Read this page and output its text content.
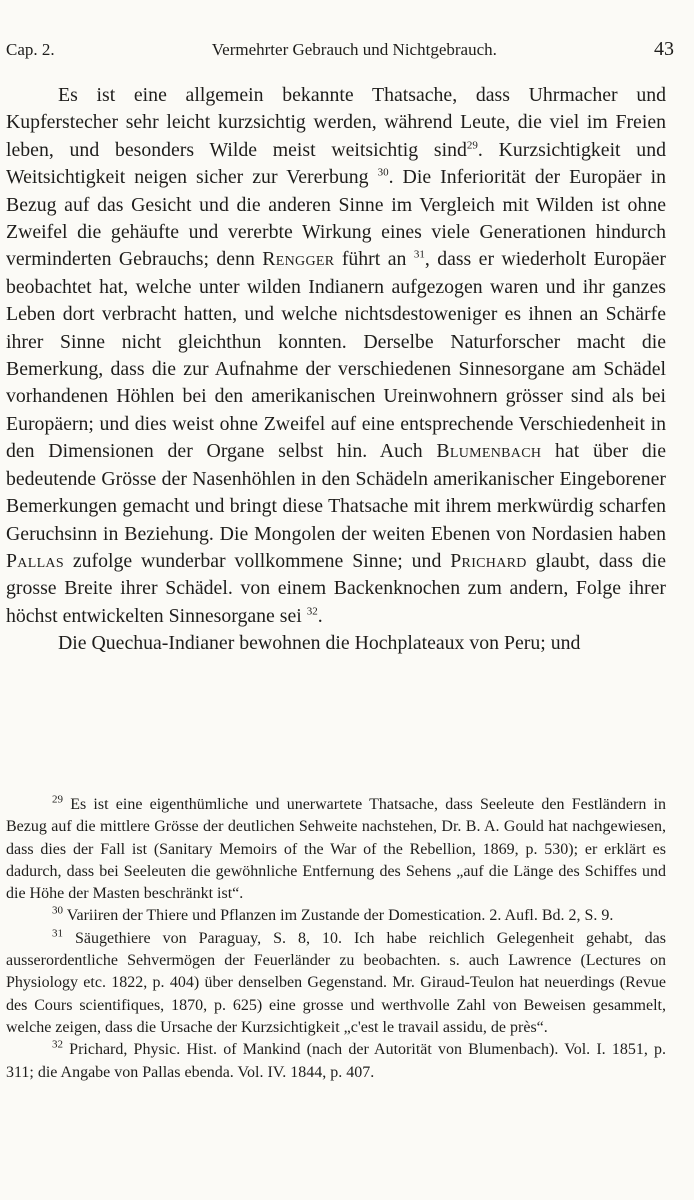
Cap. 2.	Vermehrter Gebrauch und Nichtgebrauch.	43

Es ist eine allgemein bekannte Thatsache, dass Uhrmacher und Kupferstecher sehr leicht kurzsichtig werden, während Leute, die viel im Freien leben, und besonders Wilde meist weitsichtig sind$^{29}$. Kurzsichtigkeit und Weitsichtigkeit neigen sicher zur Vererbung $^{30}$. Die Inferiorität der Europäer in Bezug auf das Gesicht und die anderen Sinne im Vergleich mit Wilden ist ohne Zweifel die gehäufte und vererbte Wirkung eines viele Generationen hindurch verminderten Gebrauchs; denn Rengger führt an $^{31}$, dass er wiederholt Europäer beobachtet hat, welche unter wilden Indianern aufgezogen waren und ihr ganzes Leben dort verbracht hatten, und welche nichtsdestoweniger es ihnen an Schärfe ihrer Sinne nicht gleichthun konnten. Derselbe Naturforscher macht die Bemerkung, dass die zur Aufnahme der verschiedenen Sinnesorgane am Schädel vorhandenen Höhlen bei den amerikanischen Ureinwohnern grösser sind als bei Europäern; und dies weist ohne Zweifel auf eine entsprechende Verschiedenheit in den Dimensionen der Organe selbst hin. Auch Blumenbach hat über die bedeutende Grösse der Nasenhöhlen in den Schädeln amerikanischer Eingeborener Bemerkungen gemacht und bringt diese Thatsache mit ihrem merkwürdig scharfen Geruchsinn in Beziehung. Die Mongolen der weiten Ebenen von Nordasien haben Pallas zufolge wunderbar vollkommene Sinne; und Prichard glaubt, dass die grosse Breite ihrer Schädel. von einem Backenknochen zum andern, Folge ihrer höchst entwickelten Sinnesorgane sei $^{32}$.

Die Quechua-Indianer bewohnen die Hochplateaux von Peru; und

$^{29}$ Es ist eine eigenthümliche und unerwartete Thatsache, dass Seeleute den Festländern in Bezug auf die mittlere Grösse der deutlichen Sehweite nachstehen, Dr. B. A. Gould hat nachgewiesen, dass dies der Fall ist (Sanitary Memoirs of the War of the Rebellion, 1869, p. 530); er erklärt es dadurch, dass bei Seeleuten die gewöhnliche Entfernung des Sehens „auf die Länge des Schiffes und die Höhe der Masten beschränkt ist“.

$^{30}$ Variiren der Thiere und Pflanzen im Zustande der Domestication. 2. Aufl. Bd. 2, S. 9.

$^{31}$ Säugethiere von Paraguay, S. 8, 10. Ich habe reichlich Gelegenheit gehabt, das ausserordentliche Sehvermögen der Feuerländer zu beobachten. s. auch Lawrence (Lectures on Physiology etc. 1822, p. 404) über denselben Gegenstand. Mr. Giraud-Teulon hat neuerdings (Revue des Cours scientifiques, 1870, p. 625) eine grosse und werthvolle Zahl von Beweisen gesammelt, welche zeigen, dass die Ursache der Kurzsichtigkeit „c'est le travail assidu, de près“.

$^{32}$ Prichard, Physic. Hist. of Mankind (nach der Autorität von Blumenbach). Vol. I. 1851, p. 311; die Angabe von Pallas ebenda. Vol. IV. 1844, p. 407.
